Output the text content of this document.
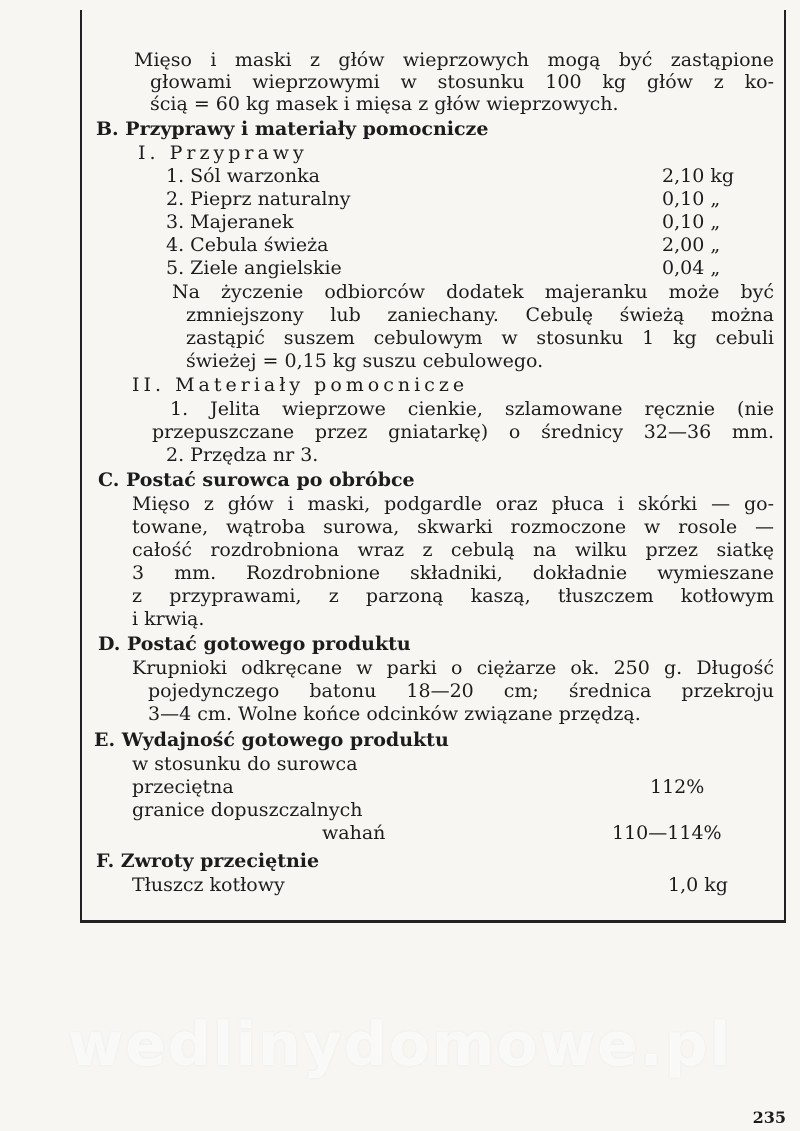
Mięso i maski z głów wieprzowych mogą być zastąpione
głowami wieprzowymi w stosunku 100 kg głów z ko-
ścią = 60 kg masek i mięsa z głów wieprzowych.
B. Przyprawy i materiały pomocnicze
I. Przyprawy
1. Sól warzonka	2,10 kg
2. Pieprz naturalny	0,10 „
3. Majeranek	0,10 „
4. Cebula świeża	2,00 „
5. Ziele angielskie	0,04 „
Na życzenie odbiorców dodatek majeranku może być
zmniejszony lub zaniechany. Cebulę świeżą można
zastąpić suszem cebulowym w stosunku 1 kg cebuli
świeżej = 0,15 kg suszu cebulowego.
II. Materiały pomocnicze
1. Jelita wieprzowe cienkie, szlamowane ręcznie (nie
przepuszczane przez gniatarkę) o średnicy 32—36 mm.
2. Przędza nr 3.
C. Postać surowca po obróbce
Mięso z głów i maski, podgardle oraz płuca i skórki — go-
towane, wątroba surowa, skwarki rozmoczone w rosole —
całość rozdrobniona wraz z cebulą na wilku przez siatkę
3 mm. Rozdrobnione składniki, dokładnie wymieszane
z przyprawami, z parzoną kaszą, tłuszczem kotłowym
i krwią.
D. Postać gotowego produktu
Krupnioki odkręcane w parki o ciężarze ok. 250 g. Długość
pojedynczego batonu 18—20 cm; średnica przekroju
3—4 cm. Wolne końce odcinków związane przędzą.
E. Wydajność gotowego produktu
w stosunku do surowca
przeciętna	112%
granice dopuszczalnych
wahań	110—114%
F. Zwroty przeciętnie
Tłuszcz kotłowy	1,0 kg
wedlinydomowe.pl
235
